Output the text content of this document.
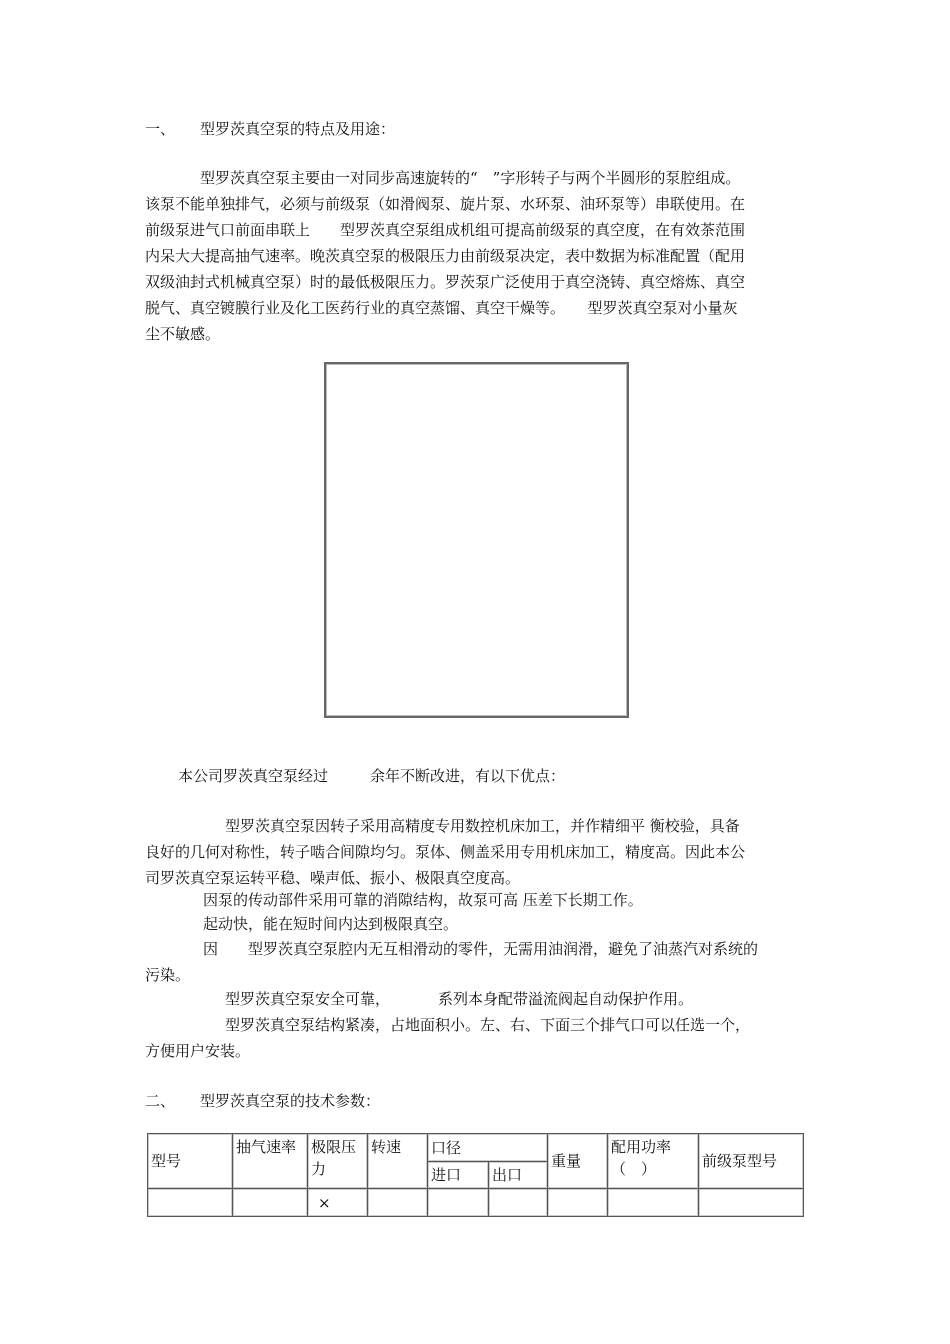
一、 型罗茨真空泵的特点及用途：
型罗茨真空泵主要由一对同步高速旋转的“　”字形转子与两个半圆形的泵腔组成。
该泵不能单独排气，必须与前级泵（如滑阀泵、旋片泵、水环泵、油环泵等）串联使用。在
前级泵进气口前面串联上　　型罗茨真空泵组成机组可提高前级泵的真空度，在有效茶范围
内呆大大提高抽气速率。晚茨真空泵的极限压力由前级泵决定，表中数据为标准配置（配用
双级油封式机械真空泵）时的最低极限压力。罗茨泵广泛使用于真空浇铸、真空熔炼、真空
脱气、真空镀膜行业及化工医药行业的真空蒸馏、真空干燥等。　　型罗茨真空泵对小量灰
尘不敏感。
本公司罗茨真空泵经过	余年不断改进，有以下优点：
型罗茨真空泵因转子采用高精度专用数控机床加工，并作精细平 衡校验，具备
良好的几何对称性，转子啮合间隙均匀。泵体、侧盖采用专用机床加工，精度高。因此本公
司罗茨真空泵运转平稳、噪声低、振小、极限真空度高。
因泵的传动部件采用可靠的消隙结构，故泵可高 压差下长期工作。
起动快，能在短时间内达到极限真空。
因　　型罗茨真空泵腔内无互相滑动的零件，无需用油润滑，避免了油蒸汽对系统的
污染。
型罗茨真空泵安全可靠，	系列本身配带溢流阀起自动保护作用。
型罗茨真空泵结构紧凑，占地面积小。左、右、下面三个排气口可以任选一个，
方便用户安装。
二、 型罗茨真空泵的技术参数：
型号	抽气速率	极限压力	转速	口径		重量	配用功率（　）	前级泵型号
				进口	出口			
		×						
